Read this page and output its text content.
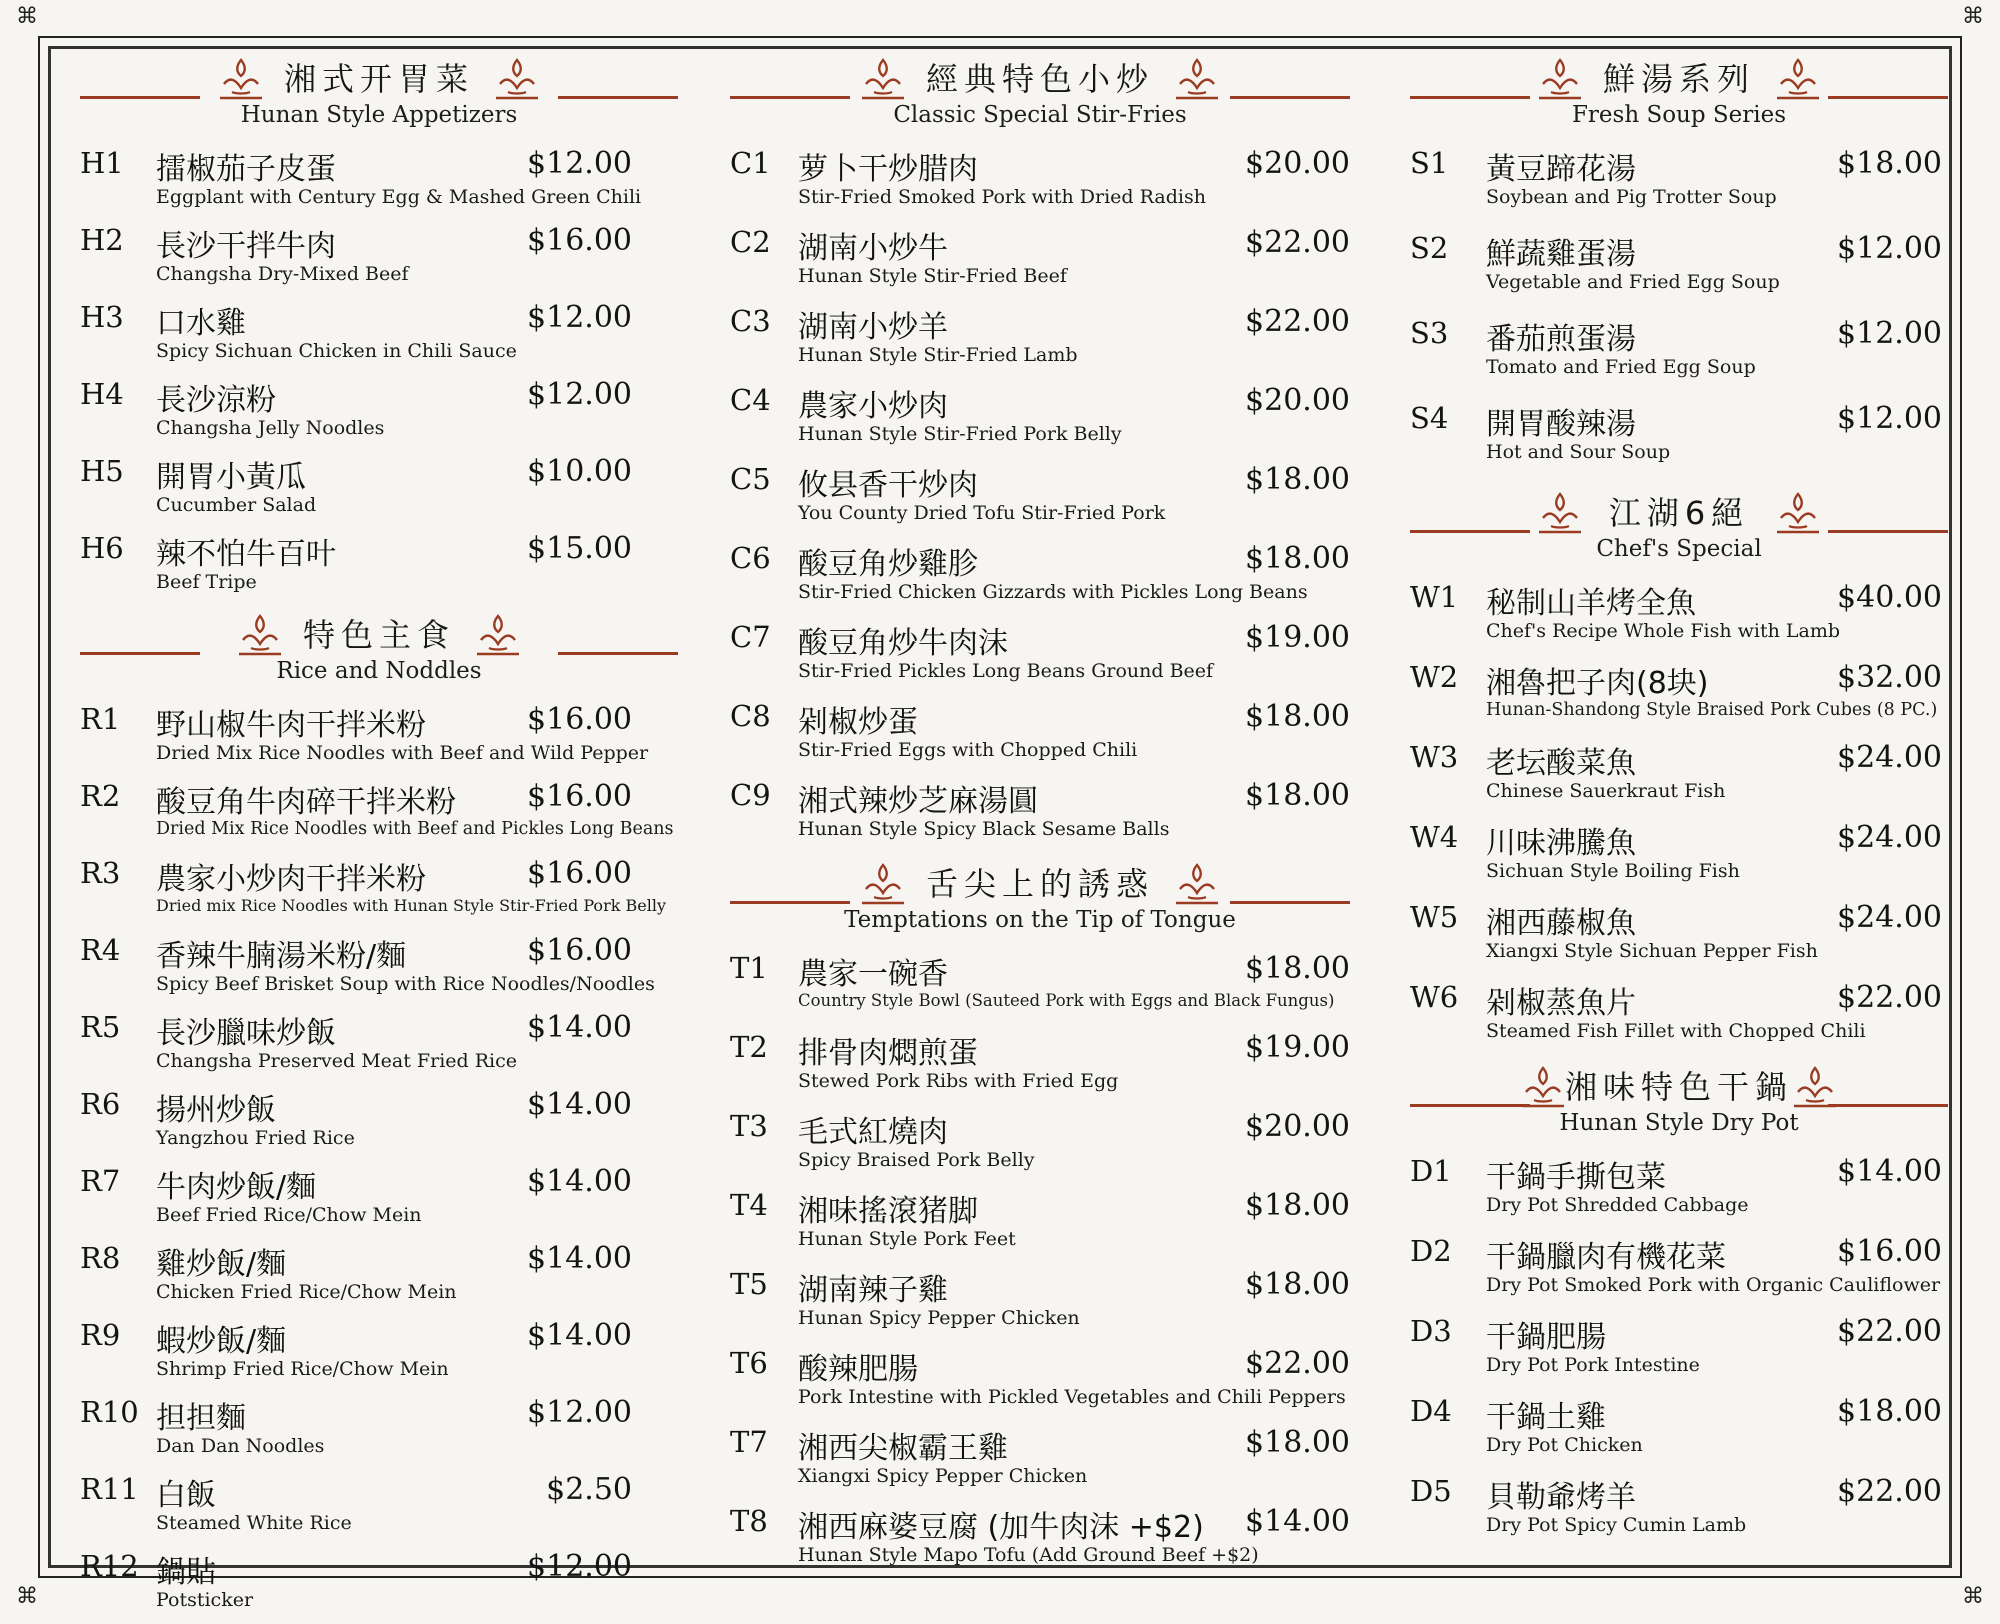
⌘	⌘
⌘	⌘
湘式开胃菜
Hunan Style Appetizers
H1 擂椒茄子皮蛋	$12.00
Eggplant with Century Egg & Mashed Green Chili
H2 長沙干拌牛肉	$16.00
Changsha Dry-Mixed Beef
H3 口水雞	$12.00
Spicy Sichuan Chicken in Chili Sauce
H4 長沙涼粉	$12.00
Changsha Jelly Noodles
H5 開胃小黃瓜	$10.00
Cucumber Salad
H6 辣不怕牛百叶	$15.00
Beef Tripe
特色主食
Rice and Noddles
R1 野山椒牛肉干拌米粉	$16.00
Dried Mix Rice Noodles with Beef and Wild Pepper
R2 酸豆角牛肉碎干拌米粉 $16.00
Dried Mix Rice Noodles with Beef and Pickles Long Beans
R3 農家小炒肉干拌米粉	$16.00
Dried mix Rice Noodles with Hunan Style Stir-Fried Pork Belly
R4 香辣牛腩湯米粉/麵	$16.00
Spicy Beef Brisket Soup with Rice Noodles/Noodles
R5 長沙臘味炒飯	$14.00
Changsha Preserved Meat Fried Rice
R6 揚州炒飯	$14.00
Yangzhou Fried Rice
R7 牛肉炒飯/麵	$14.00
Beef Fried Rice/Chow Mein
R8 雞炒飯/麵	$14.00
Chicken Fried Rice/Chow Mein
R9 蝦炒飯/麵	$14.00
Shrimp Fried Rice/Chow Mein
R10 担担麵	$12.00
Dan Dan Noodles
R11 白飯	$2.50
Steamed White Rice
R12 鍋貼	$12.00
Potsticker
經典特色小炒
Classic Special Stir-Fries
C1 萝卜干炒腊肉	$20.00
Stir-Fried Smoked Pork with Dried Radish
C2 湖南小炒牛	$22.00
Hunan Style Stir-Fried Beef
C3 湖南小炒羊	$22.00
Hunan Style Stir-Fried Lamb
C4 農家小炒肉	$20.00
Hunan Style Stir-Fried Pork Belly
C5 攸县香干炒肉	$18.00
You County Dried Tofu Stir-Fried Pork
C6 酸豆角炒雞胗	$18.00
Stir-Fried Chicken Gizzards with Pickles Long Beans
C7 酸豆角炒牛肉沫	$19.00
Stir-Fried Pickles Long Beans Ground Beef
C8 剁椒炒蛋	$18.00
Stir-Fried Eggs with Chopped Chili
C9 湘式辣炒芝麻湯圓	$18.00
Hunan Style Spicy Black Sesame Balls
舌尖上的誘惑
Temptations on the Tip of Tongue
T1 農家一碗香	$18.00
Country Style Bowl (Sauteed Pork with Eggs and Black Fungus)
T2 排骨肉燜煎蛋	$19.00
Stewed Pork Ribs with Fried Egg
T3 毛式紅燒肉	$20.00
Spicy Braised Pork Belly
T4 湘味搖滾猪脚	$18.00
Hunan Style Pork Feet
T5 湖南辣子雞	$18.00
Hunan Spicy Pepper Chicken
T6 酸辣肥腸	$22.00
Pork Intestine with Pickled Vegetables and Chili Peppers
T7 湘西尖椒霸王雞	$18.00
Xiangxi Spicy Pepper Chicken
T8 湘西麻婆豆腐 (加牛肉沫 +$2) $14.00
Hunan Style Mapo Tofu (Add Ground Beef +$2)
鮮湯系列
Fresh Soup Series
S1 黃豆蹄花湯	$18.00
Soybean and Pig Trotter Soup
S2 鮮蔬雞蛋湯	$12.00
Vegetable and Fried Egg Soup
S3 番茄煎蛋湯	$12.00
Tomato and Fried Egg Soup
S4 開胃酸辣湯	$12.00
Hot and Sour Soup
江湖6絕
Chef's Special
W1 秘制山羊烤全魚	$40.00
Chef's Recipe Whole Fish with Lamb
W2 湘魯把子肉(8块)	$32.00
Hunan-Shandong Style Braised Pork Cubes (8 PC.)
W3 老坛酸菜魚	$24.00
Chinese Sauerkraut Fish
W4 川味沸騰魚	$24.00
Sichuan Style Boiling Fish
W5 湘西藤椒魚	$24.00
Xiangxi Style Sichuan Pepper Fish
W6 剁椒蒸魚片	$22.00
Steamed Fish Fillet with Chopped Chili
湘味特色干鍋
Hunan Style Dry Pot
D1 干鍋手撕包菜	$14.00
Dry Pot Shredded Cabbage
D2 干鍋臘肉有機花菜	$16.00
Dry Pot Smoked Pork with Organic Cauliflower
D3 干鍋肥腸	$22.00
Dry Pot Pork Intestine
D4 干鍋土雞	$18.00
Dry Pot Chicken
D5 貝勒爺烤羊	$22.00
Dry Pot Spicy Cumin Lamb
